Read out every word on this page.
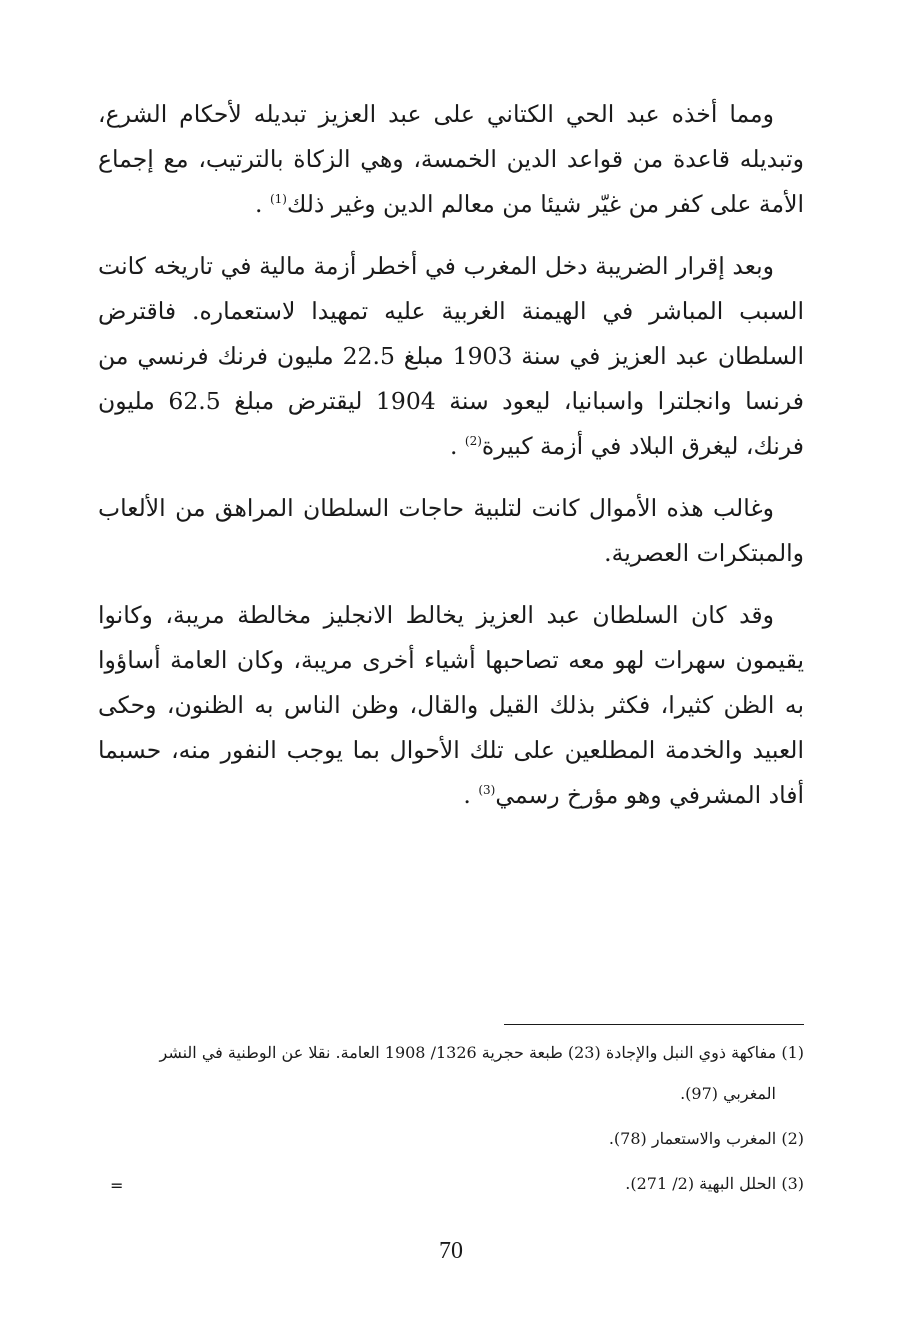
ومما أخذه عبد الحي الكتاني على عبد العزيز تبديله لأحكام الشرع، وتبديله قاعدة من قواعد الدين الخمسة، وهي الزكاة بالترتيب، مع إجماع الأمة على كفر من غيّر شيئا من معالم الدين وغير ذلك$^{(1)}$ .

وبعد إقرار الضريبة دخل المغرب في أخطر أزمة مالية في تاريخه كانت السبب المباشر في الهيمنة الغربية عليه تمهيدا لاستعماره. فاقترض السلطان عبد العزيز في سنة 1903 مبلغ 22.5 مليون فرنك فرنسي من فرنسا وانجلترا واسبانيا، ليعود سنة 1904 ليقترض مبلغ 62.5 مليون فرنك، ليغرق البلاد في أزمة كبيرة$^{(2)}$ .

وغالب هذه الأموال كانت لتلبية حاجات السلطان المراهق من الألعاب والمبتكرات العصرية.

وقد كان السلطان عبد العزيز يخالط الانجليز مخالطة مريبة، وكانوا يقيمون سهرات لهو معه تصاحبها أشياء أخرى مريبة، وكان العامة أساؤوا به الظن كثيرا، فكثر بذلك القيل والقال، وظن الناس به الظنون، وحكى العبيد والخدمة المطلعين على تلك الأحوال بما يوجب النفور منه، حسبما أفاد المشرفي وهو مؤرخ رسمي$^{(3)}$ .

(1) مفاكهة ذوي النبل والإجادة (23) طبعة حجرية 1326/ 1908 العامة. نقلا عن الوطنية في النشر
المغربي (97).
(2) المغرب والاستعمار (78).
(3) الحلل البهية (2/ 271).
=
70
